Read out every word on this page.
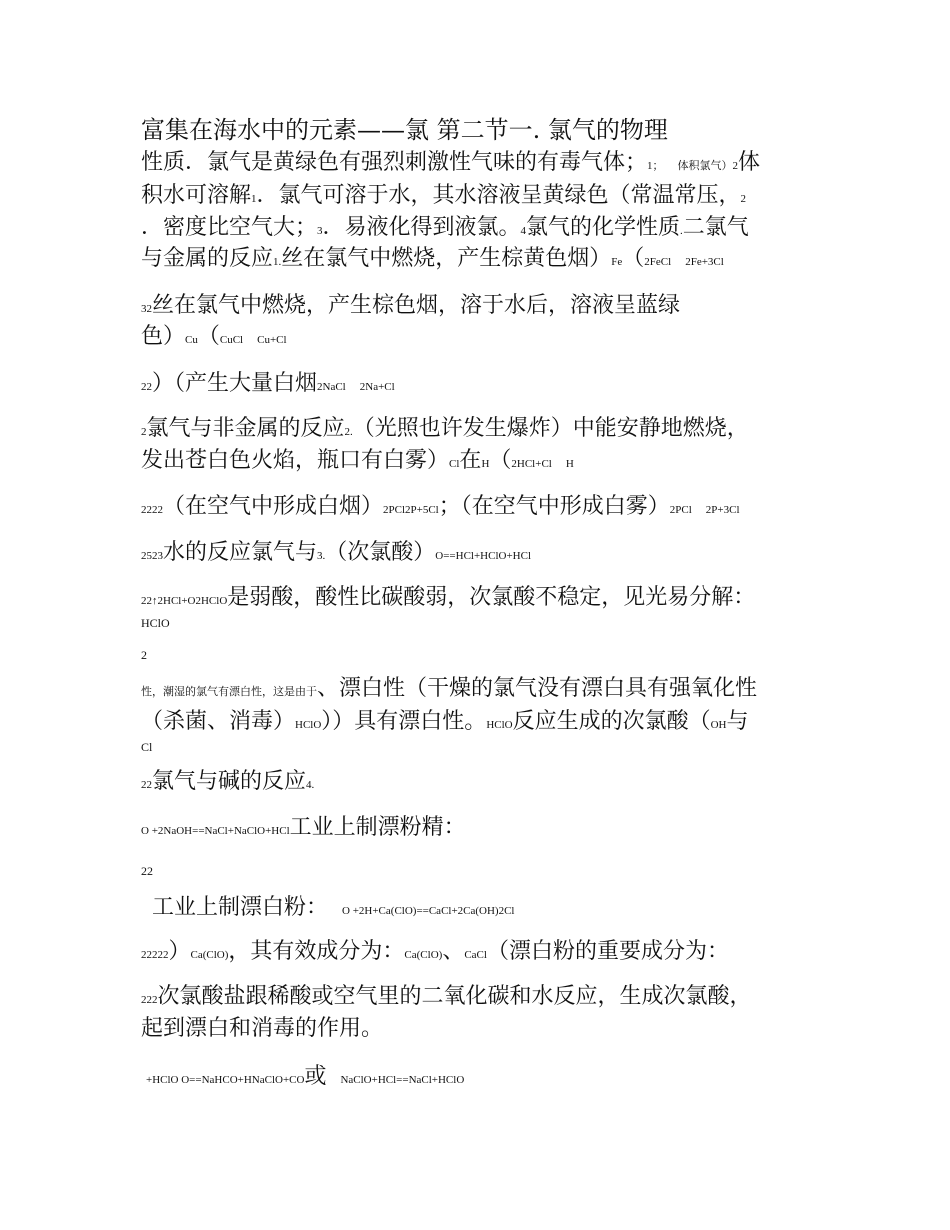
富集在海水中的元素——氯 第二节一. 氯气的物理
性质．氯气是黄绿色有强烈刺激性气味的有毒气体；1； 体积氯气）2体
积水可溶解1．氯气可溶于水，其水溶液呈黄绿色（常温常压，2
．密度比空气大；3．易液化得到液氯。4氯气的化学性质.二氯气
与金属的反应1.丝在氯气中燃烧，产生棕黄色烟）Fe（2FeCl 2Fe+3Cl
32丝在氯气中燃烧，产生棕色烟，溶于水后，溶液呈蓝绿
色）Cu（CuCl Cu+Cl
22）（产生大量白烟2NaCl 2Na+Cl
2氯气与非金属的反应2.（光照也许发生爆炸）中能安静地燃烧，
发出苍白色火焰，瓶口有白雾）Cl在H（2HCl+Cl H
2222（在空气中形成白烟）2PCl2P+5Cl；（在空气中形成白雾）2PCl 2P+3Cl
2523水的反应氯气与3.（次氯酸）O==HCl+HClO+HCl
22↑2HCl+O2HClO是弱酸，酸性比碳酸弱，次氯酸不稳定，见光易分解：
HClO
2
性，潮湿的氯气有漂白性，这是由于、漂白性（干燥的氯气没有漂白具有强氧化性
（杀菌、消毒）HClO））具有漂白性。HClO反应生成的次氯酸（OH与
Cl
22氯气与碱的反应4.
O +2NaOH==NaCl+NaClO+HCl工业上制漂粉精：
22
工业上制漂白粉： O +2H+Ca(ClO)==CaCl+2Ca(OH)2Cl
22222）Ca(ClO)，其有效成分为：Ca(ClO)、CaCl（漂白粉的重要成分为：
222次氯酸盐跟稀酸或空气里的二氧化碳和水反应，生成次氯酸，
起到漂白和消毒的作用。
+HClO O==NaHCO+HNaClO+CO或 NaClO+HCl==NaCl+HClO
